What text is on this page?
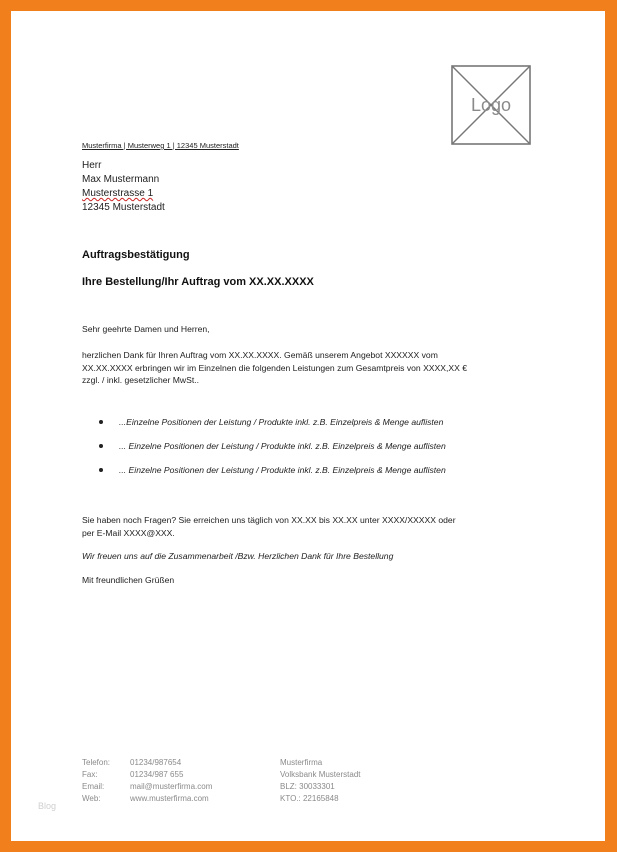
Logo
Musterfirma | Musterweg 1 | 12345 Musterstadt
Herr
Max Mustermann
Musterstrasse 1
12345 Musterstadt
Auftragsbestätigung
Ihre Bestellung/Ihr Auftrag vom XX.XX.XXXX
Sehr geehrte Damen und Herren,
herzlichen Dank für Ihren Auftrag vom XX.XX.XXXX. Gemäß unserem Angebot XXXXXX vom
XX.XX.XXXX erbringen wir im Einzelnen die folgenden Leistungen zum Gesamtpreis von XXXX,XX €
zzgl. / inkl. gesetzlicher MwSt..
...Einzelne Positionen der Leistung / Produkte inkl. z.B. Einzelpreis & Menge auflisten
... Einzelne Positionen der Leistung / Produkte inkl. z.B. Einzelpreis & Menge auflisten
... Einzelne Positionen der Leistung / Produkte inkl. z.B. Einzelpreis & Menge auflisten
Sie haben noch Fragen? Sie erreichen uns täglich von XX.XX bis XX.XX unter XXXX/XXXXX oder
per E-Mail XXXX@XXX.
Wir freuen uns auf die Zusammenarbeit /Bzw. Herzlichen Dank für Ihre Bestellung
Mit freundlichen Grüßen
Telefon:
Fax:
Email:
Web:
01234/987654
01234/987 655
mail@musterfirma.com
www.musterfirma.com
Musterfirma
Volksbank Musterstadt
BLZ: 30033301
KTO.: 22165848
Blog
